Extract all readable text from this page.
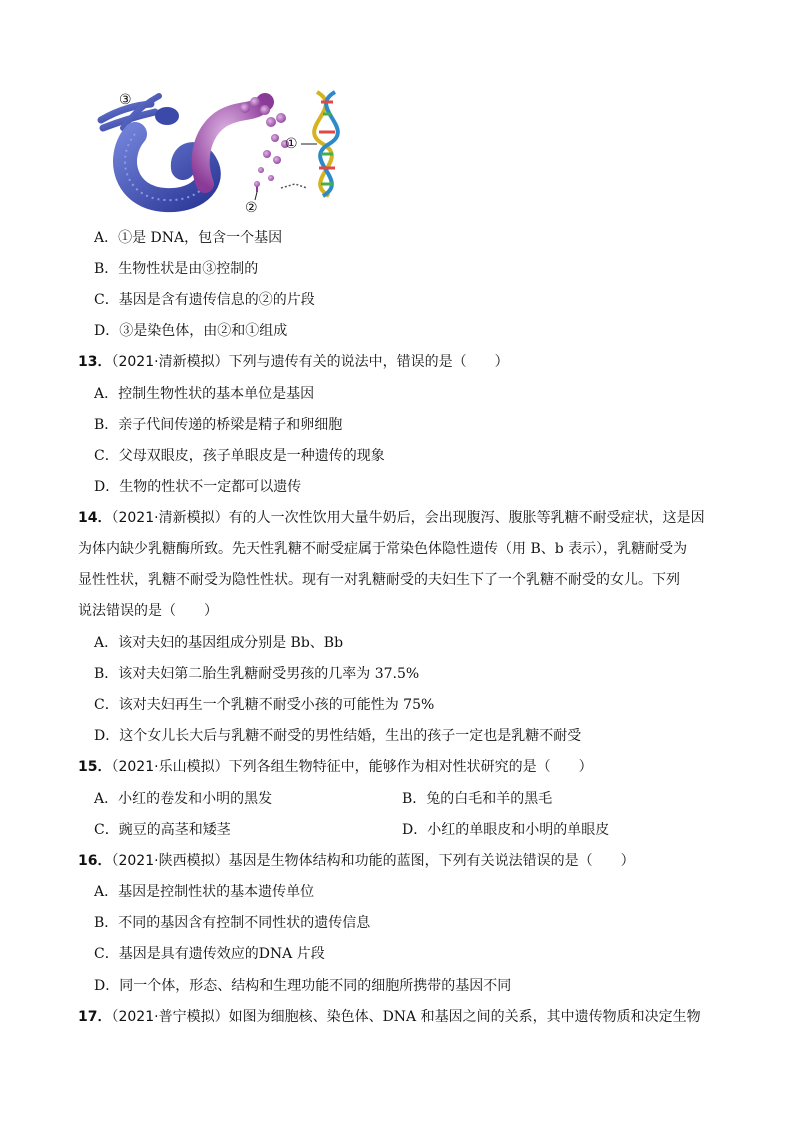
③
①
②
A．①是 DNA，包含一个基因
B．生物性状是由③控制的
C．基因是含有遗传信息的②的片段
D．③是染色体，由②和①组成
13．（2021·清新模拟）下列与遗传有关的说法中，错误的是（　　）
A．控制生物性状的基本单位是基因
B．亲子代间传递的桥梁是精子和卵细胞
C．父母双眼皮，孩子单眼皮是一种遗传的现象
D．生物的性状不一定都可以遗传
14．（2021·清新模拟）有的人一次性饮用大量牛奶后，会出现腹泻、腹胀等乳糖不耐受症状，这是因
为体内缺少乳糖酶所致。先天性乳糖不耐受症属于常染色体隐性遗传（用 B、b 表示），乳糖耐受为
显性性状，乳糖不耐受为隐性性状。现有一对乳糖耐受的夫妇生下了一个乳糖不耐受的女儿。下列
说法错误的是（　　）
A．该对夫妇的基因组成分别是 Bb、Bb
B．该对夫妇第二胎生乳糖耐受男孩的几率为 37.5%
C．该对夫妇再生一个乳糖不耐受小孩的可能性为 75%
D．这个女儿长大后与乳糖不耐受的男性结婚，生出的孩子一定也是乳糖不耐受
15．（2021·乐山模拟）下列各组生物特征中，能够作为相对性状研究的是（　　）
A．小红的卷发和小明的黑发	B．兔的白毛和羊的黑毛
C．豌豆的高茎和矮茎	D．小红的单眼皮和小明的单眼皮
16．（2021·陕西模拟）基因是生物体结构和功能的蓝图，下列有关说法错误的是（　　）
A．基因是控制性状的基本遗传单位
B．不同的基因含有控制不同性状的遗传信息
C．基因是具有遗传效应的DNA 片段
D．同一个体，形态、结构和生理功能不同的细胞所携带的基因不同
17．（2021·普宁模拟）如图为细胞核、染色体、DNA 和基因之间的关系，其中遗传物质和决定生物
